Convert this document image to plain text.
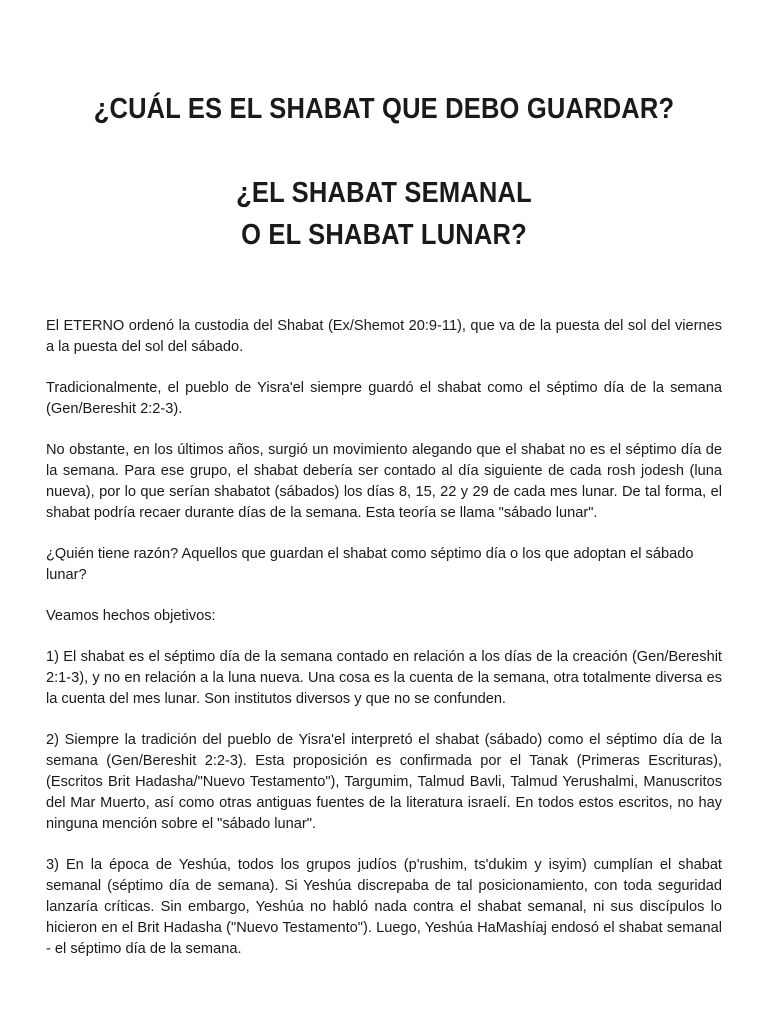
¿CUÁL ES EL SHABAT QUE DEBO GUARDAR?
¿EL SHABAT SEMANAL
O EL SHABAT LUNAR?

El ETERNO ordenó la custodia del Shabat (Ex/Shemot 20:9-11), que va de la puesta del sol del viernes a la puesta del sol del sábado.

Tradicionalmente, el pueblo de Yisra'el siempre guardó el shabat como el séptimo día de la semana (Gen/Bereshit 2:2-3).

No obstante, en los últimos años, surgió un movimiento alegando que el shabat no es el séptimo día de la semana. Para ese grupo, el shabat debería ser contado al día siguiente de cada rosh jodesh (luna nueva), por lo que serían shabatot (sábados) los días 8, 15, 22 y 29 de cada mes lunar. De tal forma, el shabat podría recaer durante días de la semana. Esta teoría se llama "sábado lunar".

¿Quién tiene razón? Aquellos que guardan el shabat como séptimo día o los que adoptan el sábado lunar?

Veamos hechos objetivos:

1) El shabat es el séptimo día de la semana contado en relación a los días de la creación (Gen/Bereshit 2:1-3), y no en relación a la luna nueva. Una cosa es la cuenta de la semana, otra totalmente diversa es la cuenta del mes lunar. Son institutos diversos y que no se confunden.

2) Siempre la tradición del pueblo de Yisra'el interpretó el shabat (sábado) como el séptimo día de la semana (Gen/Bereshit 2:2-3). Esta proposición es confirmada por el Tanak (Primeras Escrituras), (Escritos Brit Hadasha/"Nuevo Testamento"), Targumim, Talmud Bavli, Talmud Yerushalmi, Manuscritos del Mar Muerto, así como otras antiguas fuentes de la literatura israelí. En todos estos escritos, no hay ninguna mención sobre el "sábado lunar".

3) En la época de Yeshúa, todos los grupos judíos (p'rushim, ts'dukim y isyim) cumplían el shabat semanal (séptimo día de semana). Si Yeshúa discrepaba de tal posicionamiento, con toda seguridad lanzaría críticas. Sin embargo, Yeshúa no habló nada contra el shabat semanal, ni sus discípulos lo hicieron en el Brit Hadasha ("Nuevo Testamento"). Luego, Yeshúa HaMashíaj endosó el shabat semanal - el séptimo día de la semana.
